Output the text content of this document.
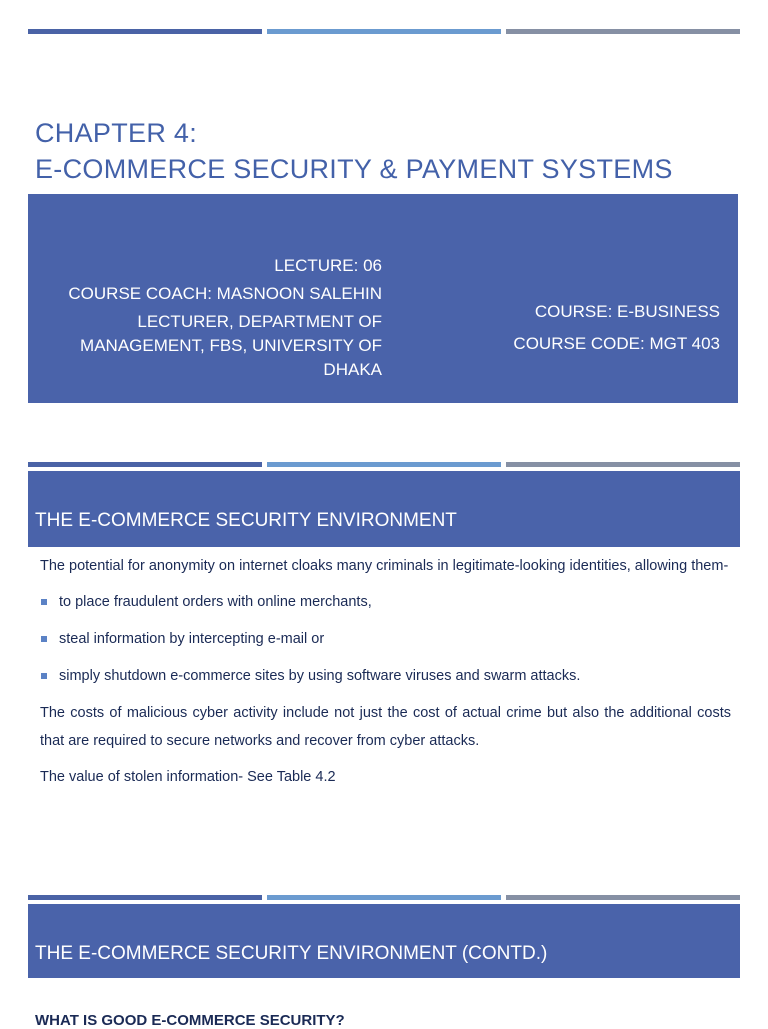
CHAPTER 4:
E-COMMERCE SECURITY & PAYMENT SYSTEMS
LECTURE: 06
COURSE COACH: MASNOON SALEHIN
LECTURER, DEPARTMENT OF MANAGEMENT, FBS, UNIVERSITY OF DHAKA
COURSE: E-BUSINESS
COURSE CODE: MGT 403
THE E-COMMERCE SECURITY ENVIRONMENT

The potential for anonymity on internet cloaks many criminals in legitimate-looking identities, allowing them-

to place fraudulent orders with online merchants,
steal information by intercepting e-mail or
simply shutdown e-commerce sites by using software viruses and swarm attacks.

The costs of malicious cyber activity include not just the cost of actual crime but also the additional costs that are required to secure networks and recover from cyber attacks.

The value of stolen information- See Table 4.2

THE E-COMMERCE SECURITY ENVIRONMENT (CONTD.)
WHAT IS GOOD E-COMMERCE SECURITY?
